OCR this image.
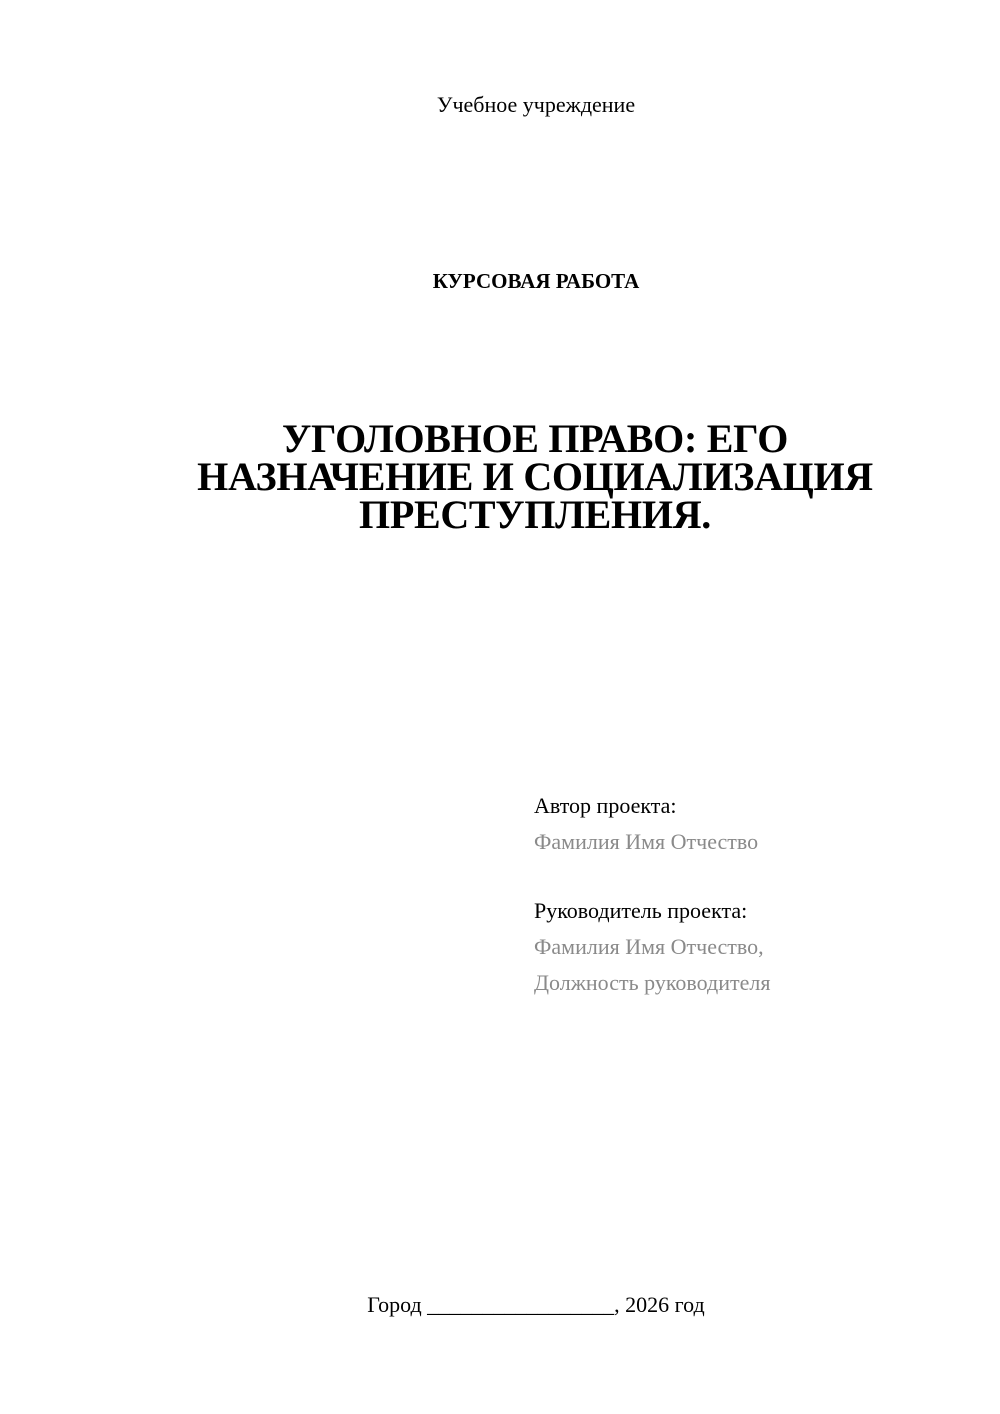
Учебное учреждение
КУРСОВАЯ РАБОТА
УГОЛОВНОЕ ПРАВО: ЕГО
НАЗНАЧЕНИЕ И СОЦИАЛИЗАЦИЯ
ПРЕСТУПЛЕНИЯ.
Автор проекта:
Фамилия Имя Отчество
Руководитель проекта:
Фамилия Имя Отчество,
Должность руководителя
Город _________________, 2026 год
